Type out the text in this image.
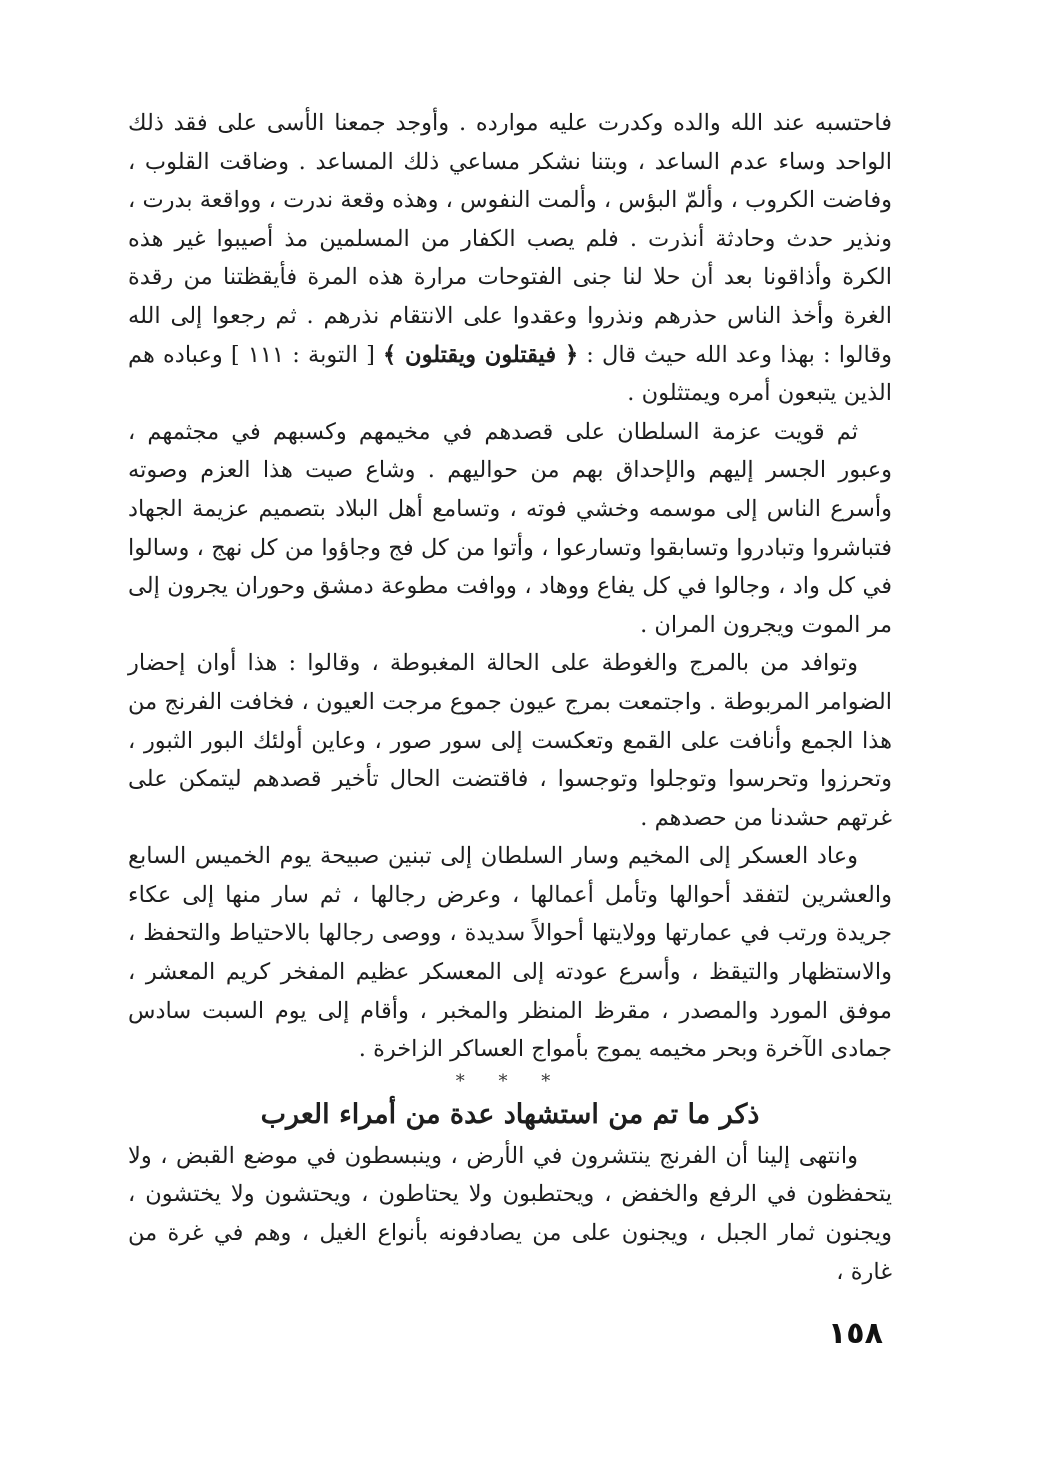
فاحتسبه عند الله والده وكدرت عليه موارده . وأوجد جمعنا الأسى على فقد ذلك الواحد وساء عدم الساعد ، وبتنا نشكر مساعي ذلك المساعد . وضاقت القلوب ، وفاضت الكروب ، وألمّ البؤس ، وألمت النفوس ، وهذه وقعة ندرت ، وواقعة بدرت ، ونذير حدث وحادثة أنذرت . فلم يصب الكفار من المسلمين مذ أصيبوا غير هذه الكرة وأذاقونا بعد أن حلا لنا جنى الفتوحات مرارة هذه المرة فأيقظتنا من رقدة الغرة وأخذ الناس حذرهم ونذروا وعقدوا على الانتقام نذرهم . ثم رجعوا إلى الله وقالوا : بهذا وعد الله حيث قال : ﴿ فيقتلون ويقتلون ﴾ [ التوبة : ١١١ ] وعباده هم الذين يتبعون أمره ويمتثلون .

ثم قويت عزمة السلطان على قصدهم في مخيمهم وكسبهم في مجثمهم ، وعبور الجسر إليهم والإحداق بهم من حواليهم . وشاع صيت هذا العزم وصوته وأسرع الناس إلى موسمه وخشي فوته ، وتسامع أهل البلاد بتصميم عزيمة الجهاد فتباشروا وتبادروا وتسابقوا وتسارعوا ، وأتوا من كل فج وجاؤوا من كل نهج ، وسالوا في كل واد ، وجالوا في كل يفاع ووهاد ، ووافت مطوعة دمشق وحوران يجرون إلى مر الموت ويجرون المران .

وتوافد من بالمرج والغوطة على الحالة المغبوطة ، وقالوا : هذا أوان إحضار الضوامر المربوطة . واجتمعت بمرج عيون جموع مرجت العيون ، فخافت الفرنج من هذا الجمع وأنافت على القمع وتعكست إلى سور صور ، وعاين أولئك البور الثبور ، وتحرزوا وتحرسوا وتوجلوا وتوجسوا ، فاقتضت الحال تأخير قصدهم ليتمكن على غرتهم حشدنا من حصدهم .

وعاد العسكر إلى المخيم وسار السلطان إلى تبنين صبيحة يوم الخميس السابع والعشرين لتفقد أحوالها وتأمل أعمالها ، وعرض رجالها ، ثم سار منها إلى عكاء جريدة ورتب في عمارتها وولايتها أحوالاً سديدة ، ووصى رجالها بالاحتياط والتحفظ ، والاستظهار والتيقظ ، وأسرع عودته إلى المعسكر عظيم المفخر كريم المعشر ، موفق المورد والمصدر ، مقرظ المنظر والمخبر ، وأقام إلى يوم السبت سادس جمادى الآخرة وبحر مخيمه يموج بأمواج العساكر الزاخرة .

* * *
ذكر ما تم من استشهاد عدة من أمراء العرب

وانتهى إلينا أن الفرنج ينتشرون في الأرض ، وينبسطون في موضع القبض ، ولا يتحفظون في الرفع والخفض ، ويحتطبون ولا يحتاطون ، ويحتشون ولا يختشون ، ويجنون ثمار الجبل ، ويجنون على من يصادفونه بأنواع الغيل ، وهم في غرة من غارة ،

١٥٨
